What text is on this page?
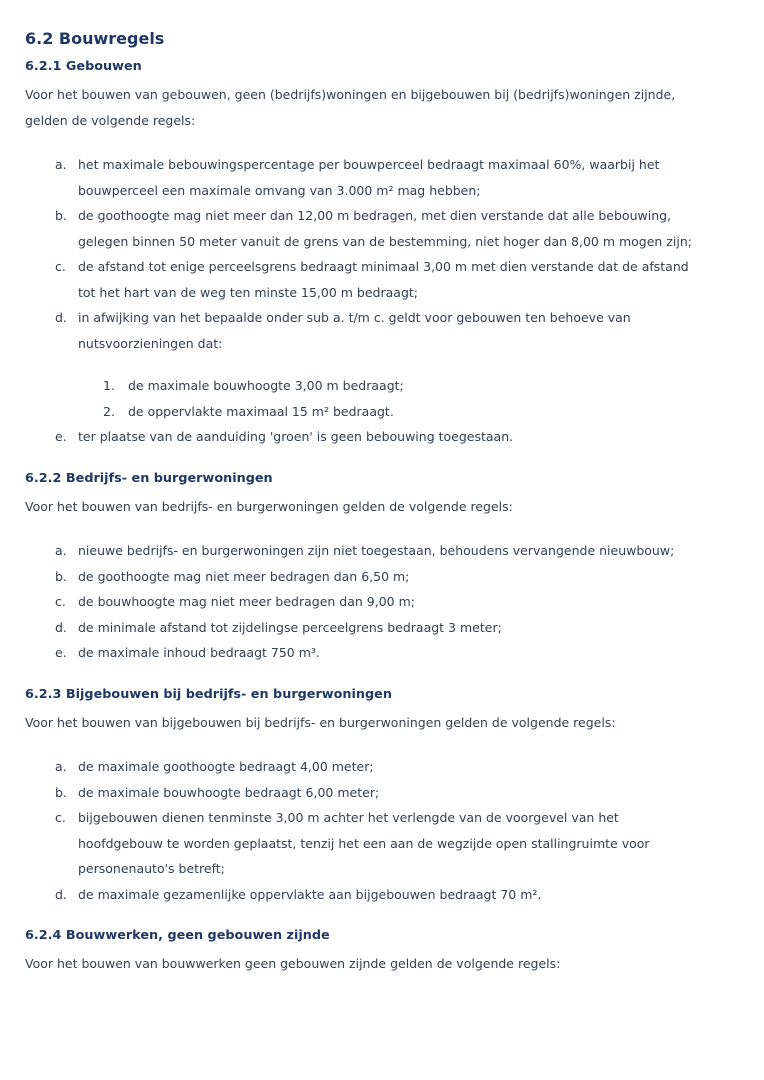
6.2 Bouwregels
6.2.1 Gebouwen

Voor het bouwen van gebouwen, geen (bedrijfs)woningen en bijgebouwen bij (bedrijfs)woningen zijnde, gelden de volgende regels:

a. het maximale bebouwingspercentage per bouwperceel bedraagt maximaal 60%, waarbij het bouwperceel een maximale omvang van 3.000 m² mag hebben;
b. de goothoogte mag niet meer dan 12,00 m bedragen, met dien verstande dat alle bebouwing, gelegen binnen 50 meter vanuit de grens van de bestemming, niet hoger dan 8,00 m mogen zijn;
c. de afstand tot enige perceelsgrens bedraagt minimaal 3,00 m met dien verstande dat de afstand tot het hart van de weg ten minste 15,00 m bedraagt;
d. in afwijking van het bepaalde onder sub a. t/m c. geldt voor gebouwen ten behoeve van nutsvoorzieningen dat:
1.	de maximale bouwhoogte 3,00 m bedraagt;
2.	de oppervlakte maximaal 15 m² bedraagt.
e. ter plaatse van de aanduiding 'groen' is geen bebouwing toegestaan.
6.2.2 Bedrijfs- en burgerwoningen

Voor het bouwen van bedrijfs- en burgerwoningen gelden de volgende regels:

a. nieuwe bedrijfs- en burgerwoningen zijn niet toegestaan, behoudens vervangende nieuwbouw;
b. de goothoogte mag niet meer bedragen dan 6,50 m;
c. de bouwhoogte mag niet meer bedragen dan 9,00 m;
d. de minimale afstand tot zijdelingse perceelgrens bedraagt 3 meter;
e. de maximale inhoud bedraagt 750 m³.
6.2.3 Bijgebouwen bij bedrijfs- en burgerwoningen

Voor het bouwen van bijgebouwen bij bedrijfs- en burgerwoningen gelden de volgende regels:

a. de maximale goothoogte bedraagt 4,00 meter;
b. de maximale bouwhoogte bedraagt 6,00 meter;
c. bijgebouwen dienen tenminste 3,00 m achter het verlengde van de voorgevel van het hoofdgebouw te worden geplaatst, tenzij het een aan de wegzijde open stallingruimte voor personenauto's betreft;
d. de maximale gezamenlijke oppervlakte aan bijgebouwen bedraagt 70 m².
6.2.4 Bouwwerken, geen gebouwen zijnde

Voor het bouwen van bouwwerken geen gebouwen zijnde gelden de volgende regels:
